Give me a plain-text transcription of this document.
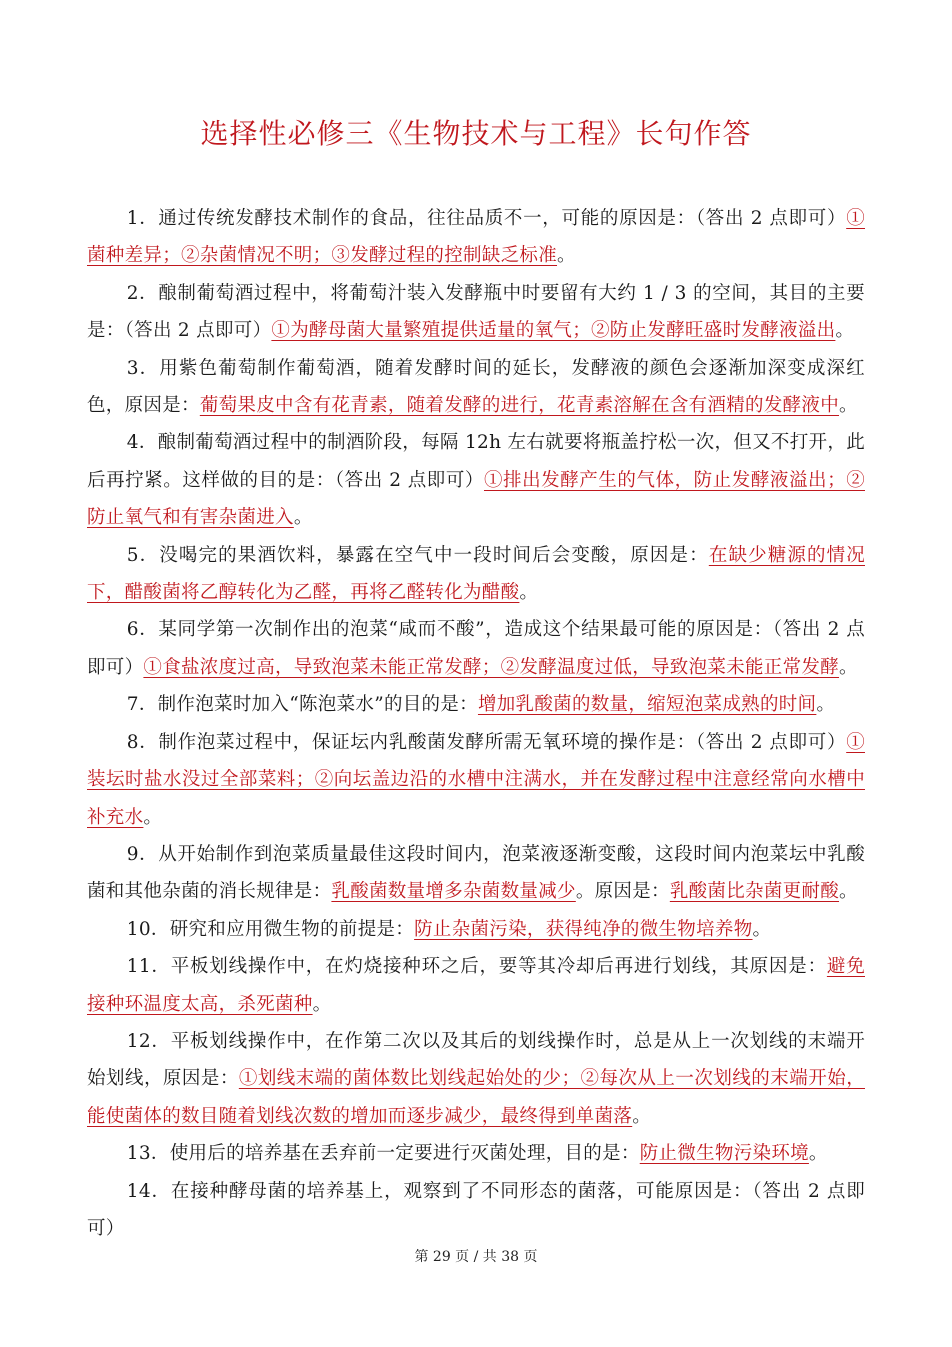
选择性必修三《生物技术与工程》长句作答

1．通过传统发酵技术制作的食品，往往品质不一，可能的原因是：（答出 2 点即可）①菌种差异；②杂菌情况不明；③发酵过程的控制缺乏标准。

2．酿制葡萄酒过程中，将葡萄汁装入发酵瓶中时要留有大约 1 / 3 的空间，其目的主要是：（答出 2 点即可）①为酵母菌大量繁殖提供适量的氧气；②防止发酵旺盛时发酵液溢出。

3．用紫色葡萄制作葡萄酒，随着发酵时间的延长，发酵液的颜色会逐渐加深变成深红色，原因是：葡萄果皮中含有花青素，随着发酵的进行，花青素溶解在含有酒精的发酵液中。

4．酿制葡萄酒过程中的制酒阶段，每隔 12h 左右就要将瓶盖拧松一次，但又不打开，此后再拧紧。这样做的目的是：（答出 2 点即可）①排出发酵产生的气体，防止发酵液溢出；②防止氧气和有害杂菌进入。

5．没喝完的果酒饮料，暴露在空气中一段时间后会变酸，原因是：在缺少糖源的情况下，醋酸菌将乙醇转化为乙醛，再将乙醛转化为醋酸。

6．某同学第一次制作出的泡菜“咸而不酸”，造成这个结果最可能的原因是：（答出 2 点即可）①食盐浓度过高，导致泡菜未能正常发酵；②发酵温度过低，导致泡菜未能正常发酵。

7．制作泡菜时加入“陈泡菜水”的目的是：增加乳酸菌的数量，缩短泡菜成熟的时间。

8．制作泡菜过程中，保证坛内乳酸菌发酵所需无氧环境的操作是：（答出 2 点即可）①装坛时盐水没过全部菜料；②向坛盖边沿的水槽中注满水，并在发酵过程中注意经常向水槽中补充水。

9．从开始制作到泡菜质量最佳这段时间内，泡菜液逐渐变酸，这段时间内泡菜坛中乳酸菌和其他杂菌的消长规律是：乳酸菌数量增多杂菌数量减少。原因是：乳酸菌比杂菌更耐酸。

10．研究和应用微生物的前提是：防止杂菌污染，获得纯净的微生物培养物。

11．平板划线操作中，在灼烧接种环之后，要等其冷却后再进行划线，其原因是：避免接种环温度太高，杀死菌种。

12．平板划线操作中，在作第二次以及其后的划线操作时，总是从上一次划线的末端开始划线，原因是：①划线末端的菌体数比划线起始处的少；②每次从上一次划线的末端开始，能使菌体的数目随着划线次数的增加而逐步减少，最终得到单菌落。

13．使用后的培养基在丢弃前一定要进行灭菌处理，目的是：防止微生物污染环境。

14．在接种酵母菌的培养基上，观察到了不同形态的菌落，可能原因是：（答出 2 点即可）

第 29 页 / 共 38 页
